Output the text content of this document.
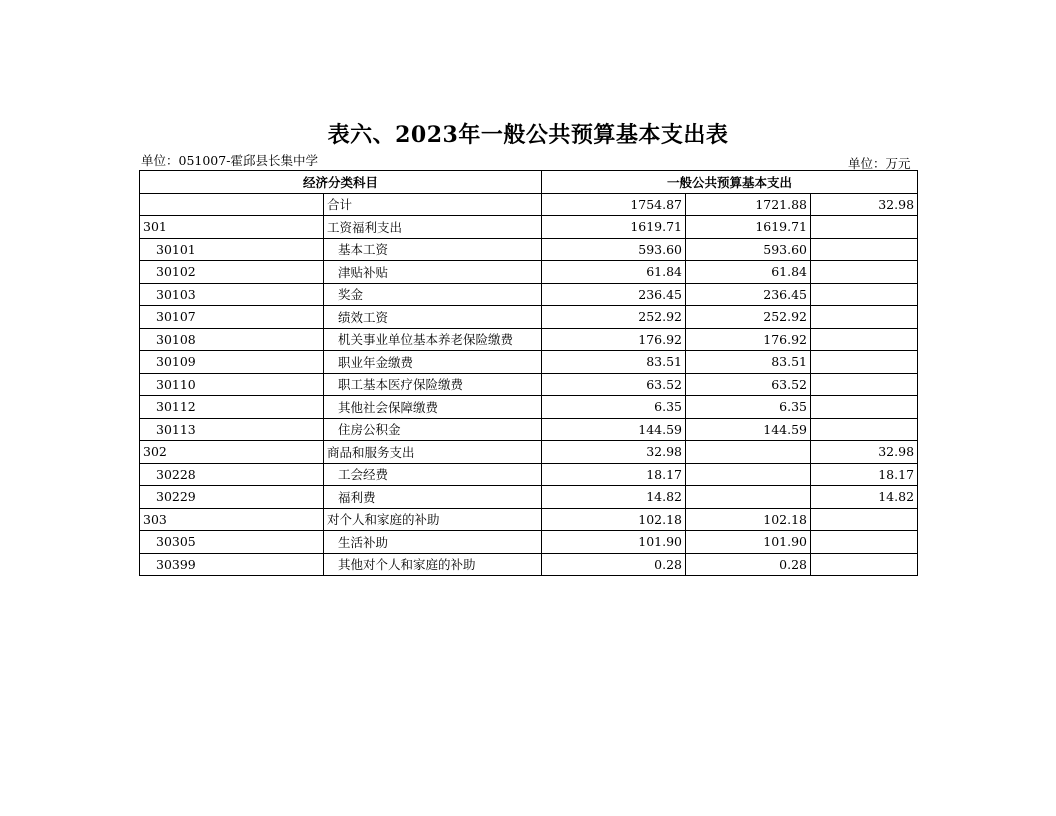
表六、2023年一般公共预算基本支出表
单位：051007-霍邱县长集中学	单位：万元
经济分类科目		一般公共预算基本支出		
	合计	1754.87	1721.88	32.98
301	工资福利支出	1619.71	1619.71	
30101	基本工资	593.60	593.60	
30102	津贴补贴	61.84	61.84	
30103	奖金	236.45	236.45	
30107	绩效工资	252.92	252.92	
30108	机关事业单位基本养老保险缴费	176.92	176.92	
30109	职业年金缴费	83.51	83.51	
30110	职工基本医疗保险缴费	63.52	63.52	
30112	其他社会保障缴费	6.35	6.35	
30113	住房公积金	144.59	144.59	
302	商品和服务支出	32.98		32.98
30228	工会经费	18.17		18.17
30229	福利费	14.82		14.82
303	对个人和家庭的补助	102.18	102.18	
30305	生活补助	101.90	101.90	
30399	其他对个人和家庭的补助	0.28	0.28	
